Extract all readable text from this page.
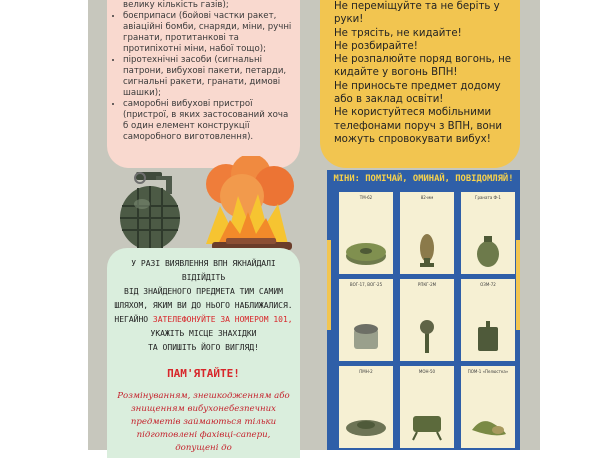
велику кількість газів);
• боєприпаси (бойові частки ракет, авіаційні бомби, снаряди, міни, ручні гранати, протитанкові та протипіхотні міни, набої тощо);
• піротехнічні засоби (сигнальні патрони, вибухові пакети, петарди, сигнальні ракети, гранати, димові шашки);
• саморобні вибухові пристрої (пристрої, в яких застосований хоча б один елемент конструкції саморобного виготовлення).
Не переміщуйте та не беріть у руки!
Не трясіть, не кидайте!
Не розбирайте!
Не розпалюйте поряд вогонь, не кидайте у вогонь ВПН!
Не приносьте предмет додому або в заклад освіти!
Не користуйтеся мобільними телефонами поруч з ВПН, вони можуть спровокувати вибух!
У РАЗІ ВИЯВЛЕННЯ ВПН ЯКНАЙДАЛІ ВІДІЙДІТЬ
ВІД ЗНАЙДЕНОГО ПРЕДМЕТА ТИМ САМИМ
ШЛЯХОМ, ЯКИМ ВИ ДО НЬОГО НАБЛИЖАЛИСЯ.
НЕГАЙНО ЗАТЕЛЕФОНУЙТЕ ЗА НОМЕРОМ 101,
УКАЖІТЬ МІСЦЕ ЗНАХІДКИ
ТА ОПИШІТЬ ЙОГО ВИГЛЯД!
ПАМ'ЯТАЙТЕ!
Розмінуванням, знешкодженням або
знищенням вибухонебезпечних
предметів займаються тільки
підготовлені фахівці-сапери, допущені до
МІНИ: ПОМІЧАЙ, ОМИНАЙ, ПОВІДОМЛЯЙ!
ТМ-62	82-мм	Граната Ф-1
ВОГ-17, ВОГ-25	РПКГ-2М	ОЗМ-72
ПМН-2	МОН-50	ПОМ-1 «Пелюстка»
